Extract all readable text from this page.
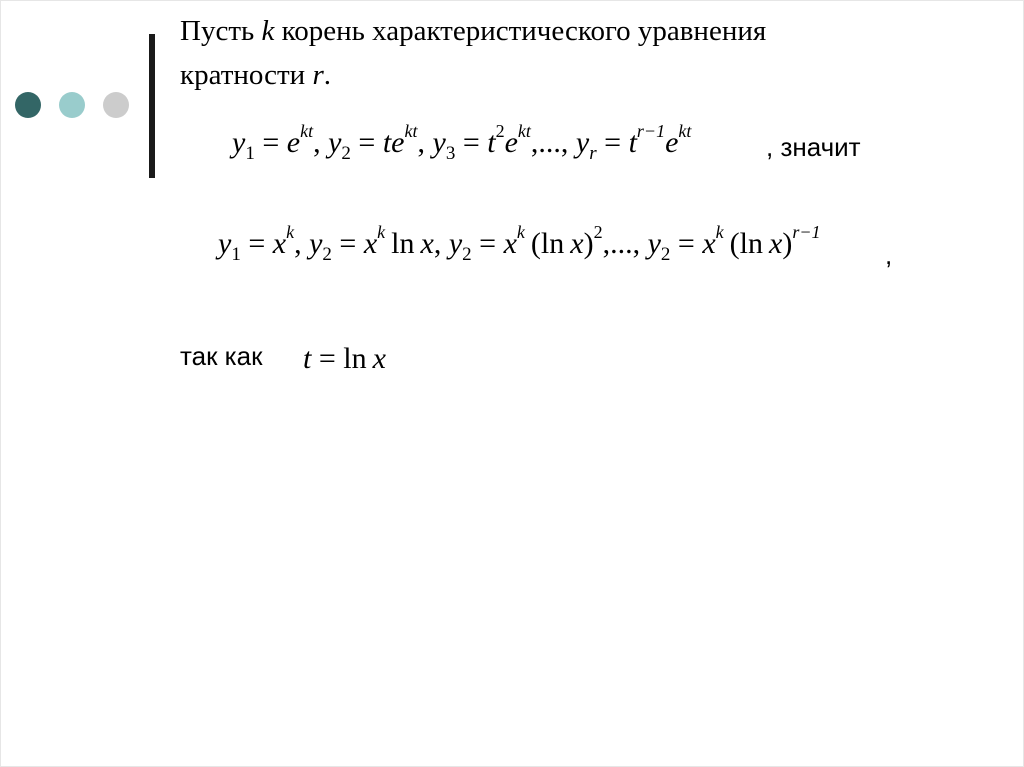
Пусть k корень характеристического уравнения
кратности r.
$y_1 = e^{kt}$, $y_2 = te^{kt}$, $y_3 = t^2e^{kt}$,..., $y_r = t^{r-1}e^{kt}$
, значит
$y_1 = x^k$, $y_2 = x^k$ ln x, $y_2 = x^k$ (ln x)$^2$,..., $y_2 = x^k$ (ln x)$^{r-1}$
,
так как t = ln x
